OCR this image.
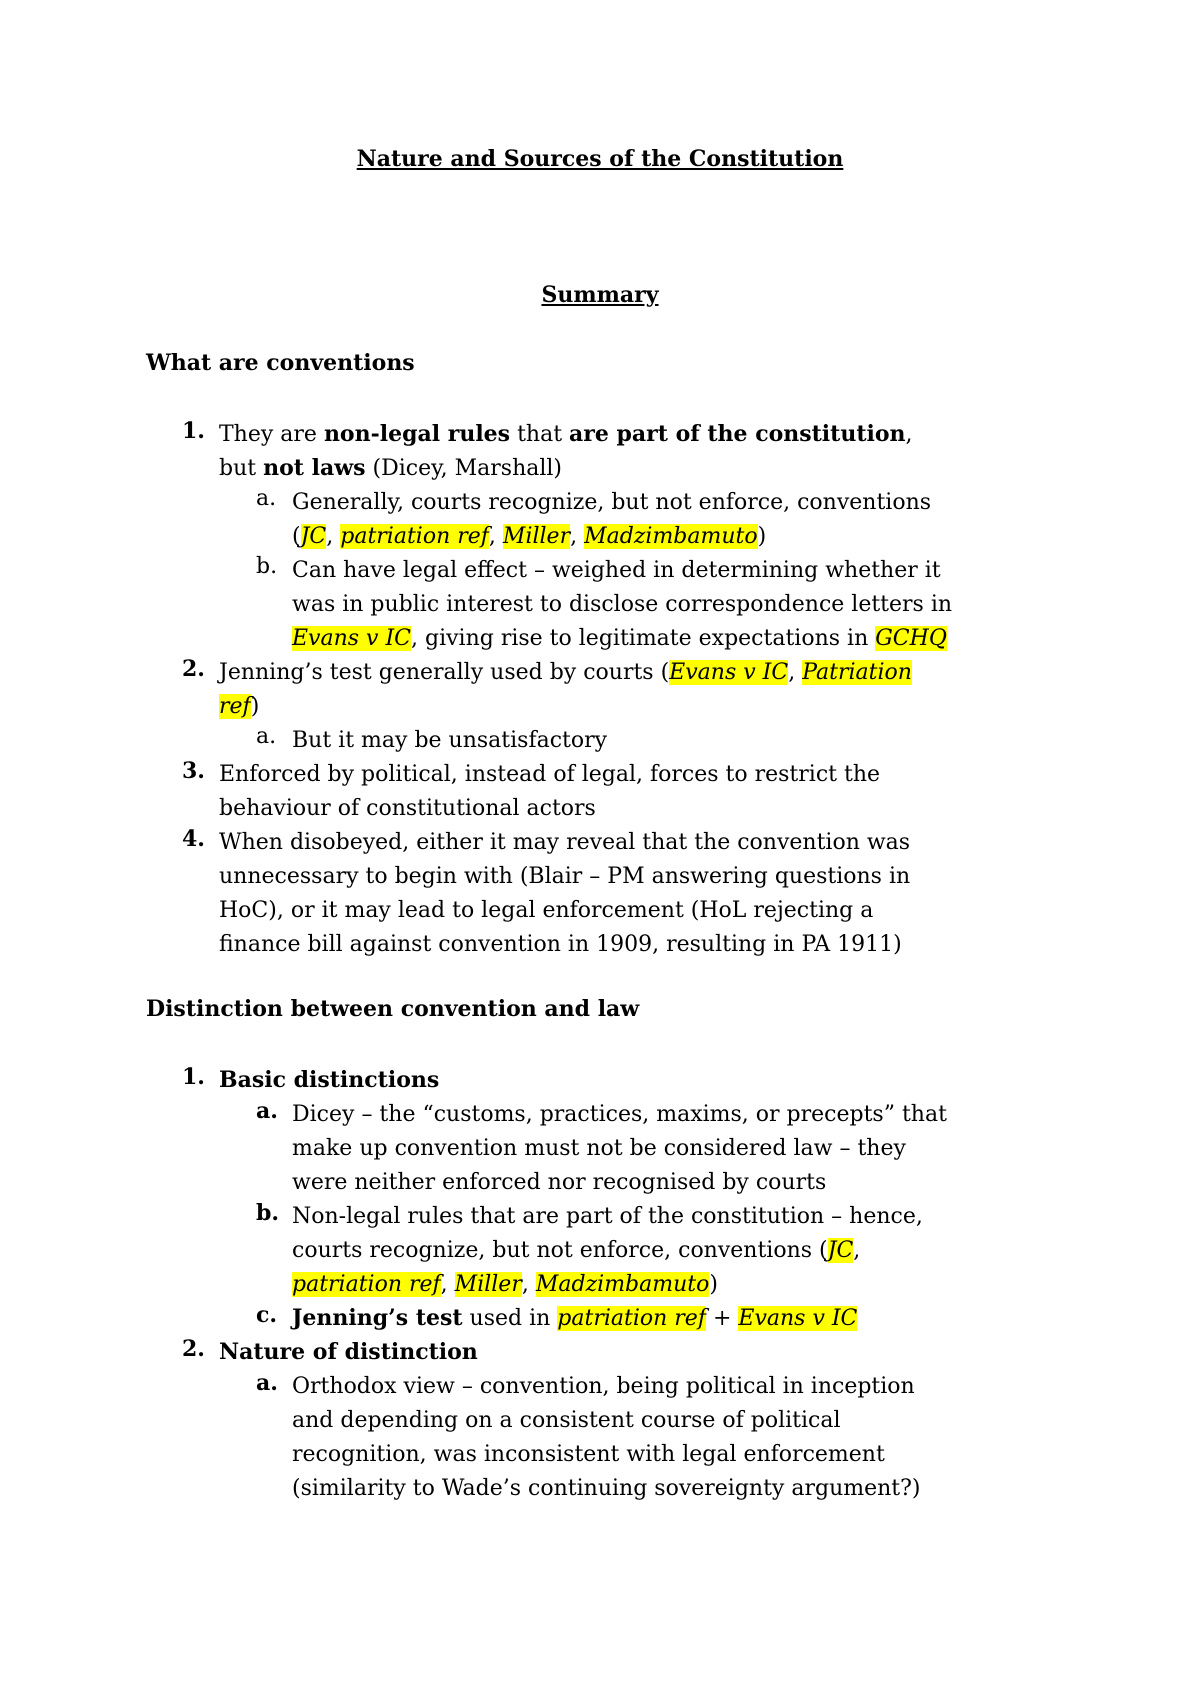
Nature and Sources of the Constitution
Summary
What are conventions
1. They are non-legal rules that are part of the constitution,
but not laws (Dicey, Marshall)
a. Generally, courts recognize, but not enforce, conventions
(JC, patriation ref, Miller, Madzimbamuto)
b. Can have legal effect – weighed in determining whether it
was in public interest to disclose correspondence letters in
Evans v IC, giving rise to legitimate expectations in GCHQ
2. Jenning’s test generally used by courts (Evans v IC, Patriation
ref)
a. But it may be unsatisfactory
3. Enforced by political, instead of legal, forces to restrict the
behaviour of constitutional actors
4. When disobeyed, either it may reveal that the convention was
unnecessary to begin with (Blair – PM answering questions in
HoC), or it may lead to legal enforcement (HoL rejecting a
finance bill against convention in 1909, resulting in PA 1911)
Distinction between convention and law
1. Basic distinctions
a. Dicey – the “customs, practices, maxims, or precepts” that
make up convention must not be considered law – they
were neither enforced nor recognised by courts
b. Non-legal rules that are part of the constitution – hence,
courts recognize, but not enforce, conventions (JC,
patriation ref, Miller, Madzimbamuto)
c. Jenning’s test used in patriation ref + Evans v IC
2. Nature of distinction
a. Orthodox view – convention, being political in inception
and depending on a consistent course of political
recognition, was inconsistent with legal enforcement
(similarity to Wade’s continuing sovereignty argument?)
